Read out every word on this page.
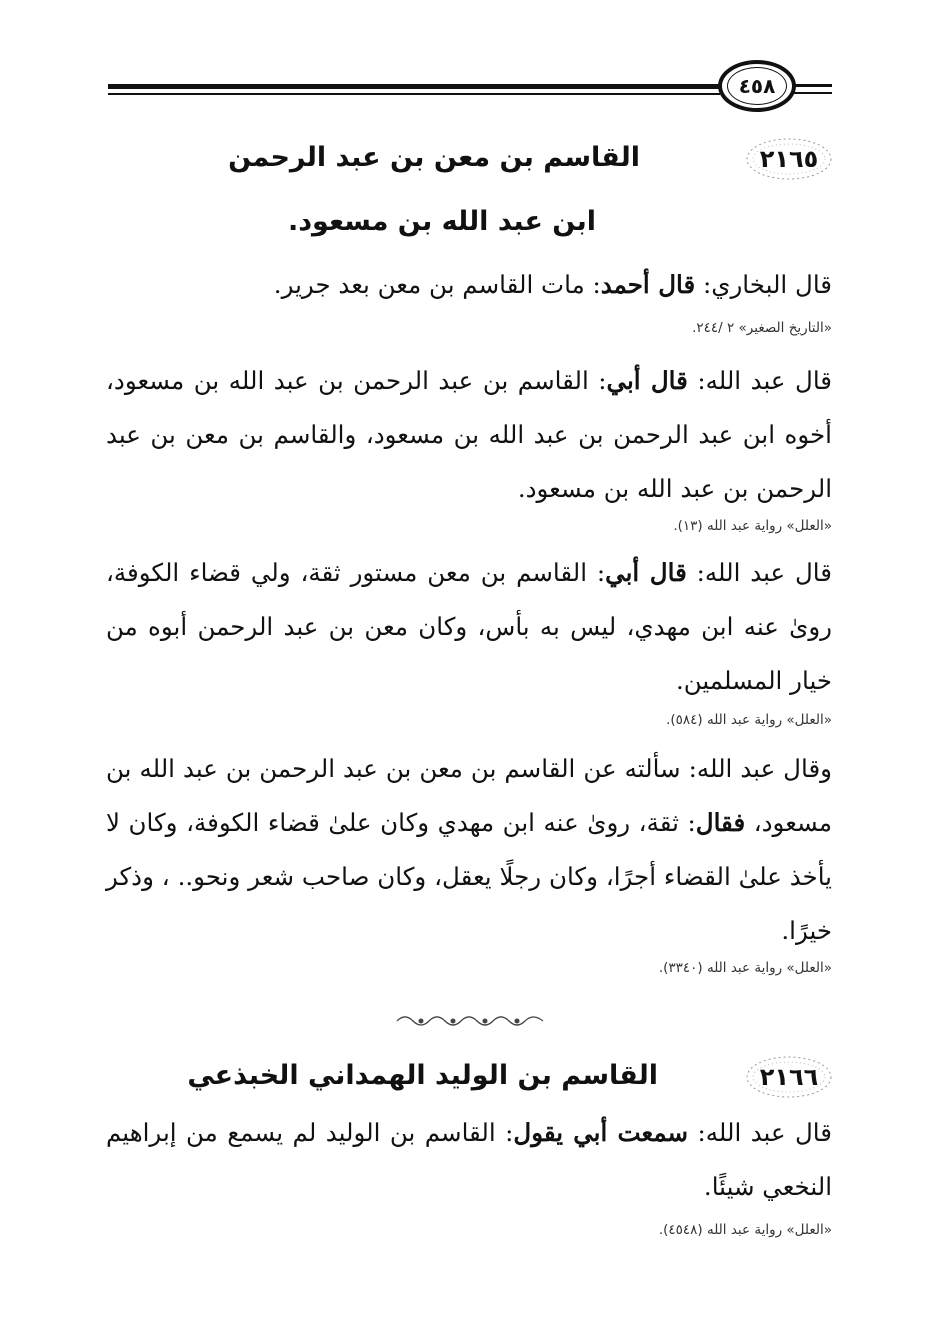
٤٥٨
٢١٦٥
القاسم بن معن بن عبد الرحمن
ابن عبد الله بن مسعود.

قال البخاري: قال أحمد: مات القاسم بن معن بعد جرير.

«التاريخ الصغير» ٢ /٢٤٤.

قال عبد الله: قال أبي: القاسم بن عبد الرحمن بن عبد الله بن مسعود، أخوه ابن عبد الرحمن بن عبد الله بن مسعود، والقاسم بن معن بن عبد الرحمن بن عبد الله بن مسعود.

«العلل» رواية عبد الله (١٣).

قال عبد الله: قال أبي: القاسم بن معن مستور ثقة، ولي قضاء الكوفة، روىٰ عنه ابن مهدي، ليس به بأس، وكان معن بن عبد الرحمن أبوه من خيار المسلمين.

«العلل» رواية عبد الله (٥٨٤).

وقال عبد الله: سألته عن القاسم بن معن بن عبد الرحمن بن عبد الله بن مسعود، فقال: ثقة، روىٰ عنه ابن مهدي وكان علىٰ قضاء الكوفة، وكان لا يأخذ علىٰ القضاء أجرًا، وكان رجلًا يعقل، وكان صاحب شعر ونحو.. ، وذكر خيرًا.

«العلل» رواية عبد الله (٣٣٤٠).
٢١٦٦
القاسم بن الوليد الهمداني الخبذعي

قال عبد الله: سمعت أبي يقول: القاسم بن الوليد لم يسمع من إبراهيم النخعي شيئًا.

«العلل» رواية عبد الله (٤٥٤٨).
